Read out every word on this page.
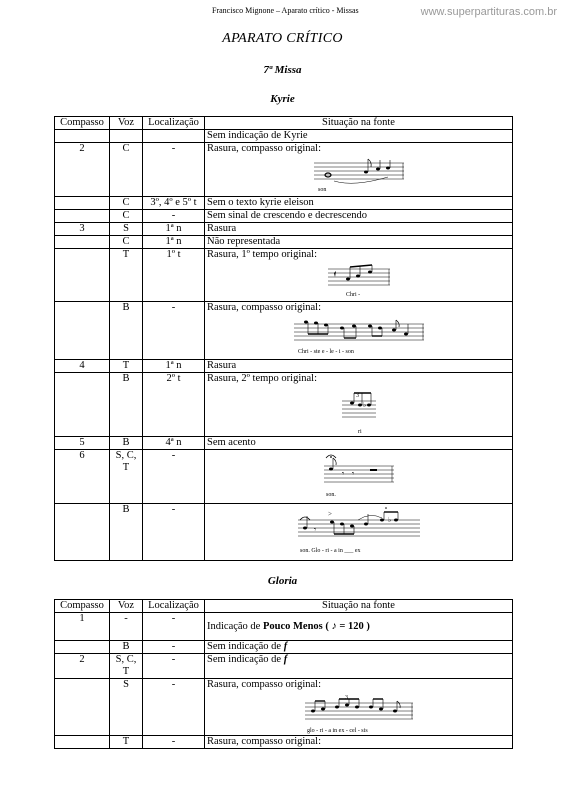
Francisco Mignone – Aparato crítico - Missas	www.superpartituras.com.br
APARATO CRÍTICO
7ª Missa
Kyrie
Compasso	Voz	Localização	Situação na fonte
			Sem indicação de Kyrie
2	C	-	Rasura, compasso original:
son

	C	3º, 4º e 5º t	Sem o texto kyrie eleison
	C	-	Sem sinal de crescendo e decrescendo
3	S	1ª n	Rasura
	C	1ª n	Não representada
	T	1º t	Rasura, 1º tempo original:
Chri -

	B	-	Rasura, compasso original:
Chri - ste e - le - i - son

4	T	1ª n	Rasura
	B	2º t	Rasura, 2º tempo original:
3
♭
ri

5	B	4ª n	Sem acento
6	S, C, T	-	𝄾 𝄾
son.

	B	-	𝄾
>
♭
son. Glo - ri - a in ___ ex
Gloria
Compasso	Voz	Localização	Situação na fonte
1	-	-	Indicação de Pouco Menos ( ♪ = 120 )
	B	-	Sem indicação de f
2	S, C, T	-	Sem indicação de f
	S	-	Rasura, compasso original:
3
glo - ri - a in ex - cel - sis

	T	-	Rasura, compasso original:
